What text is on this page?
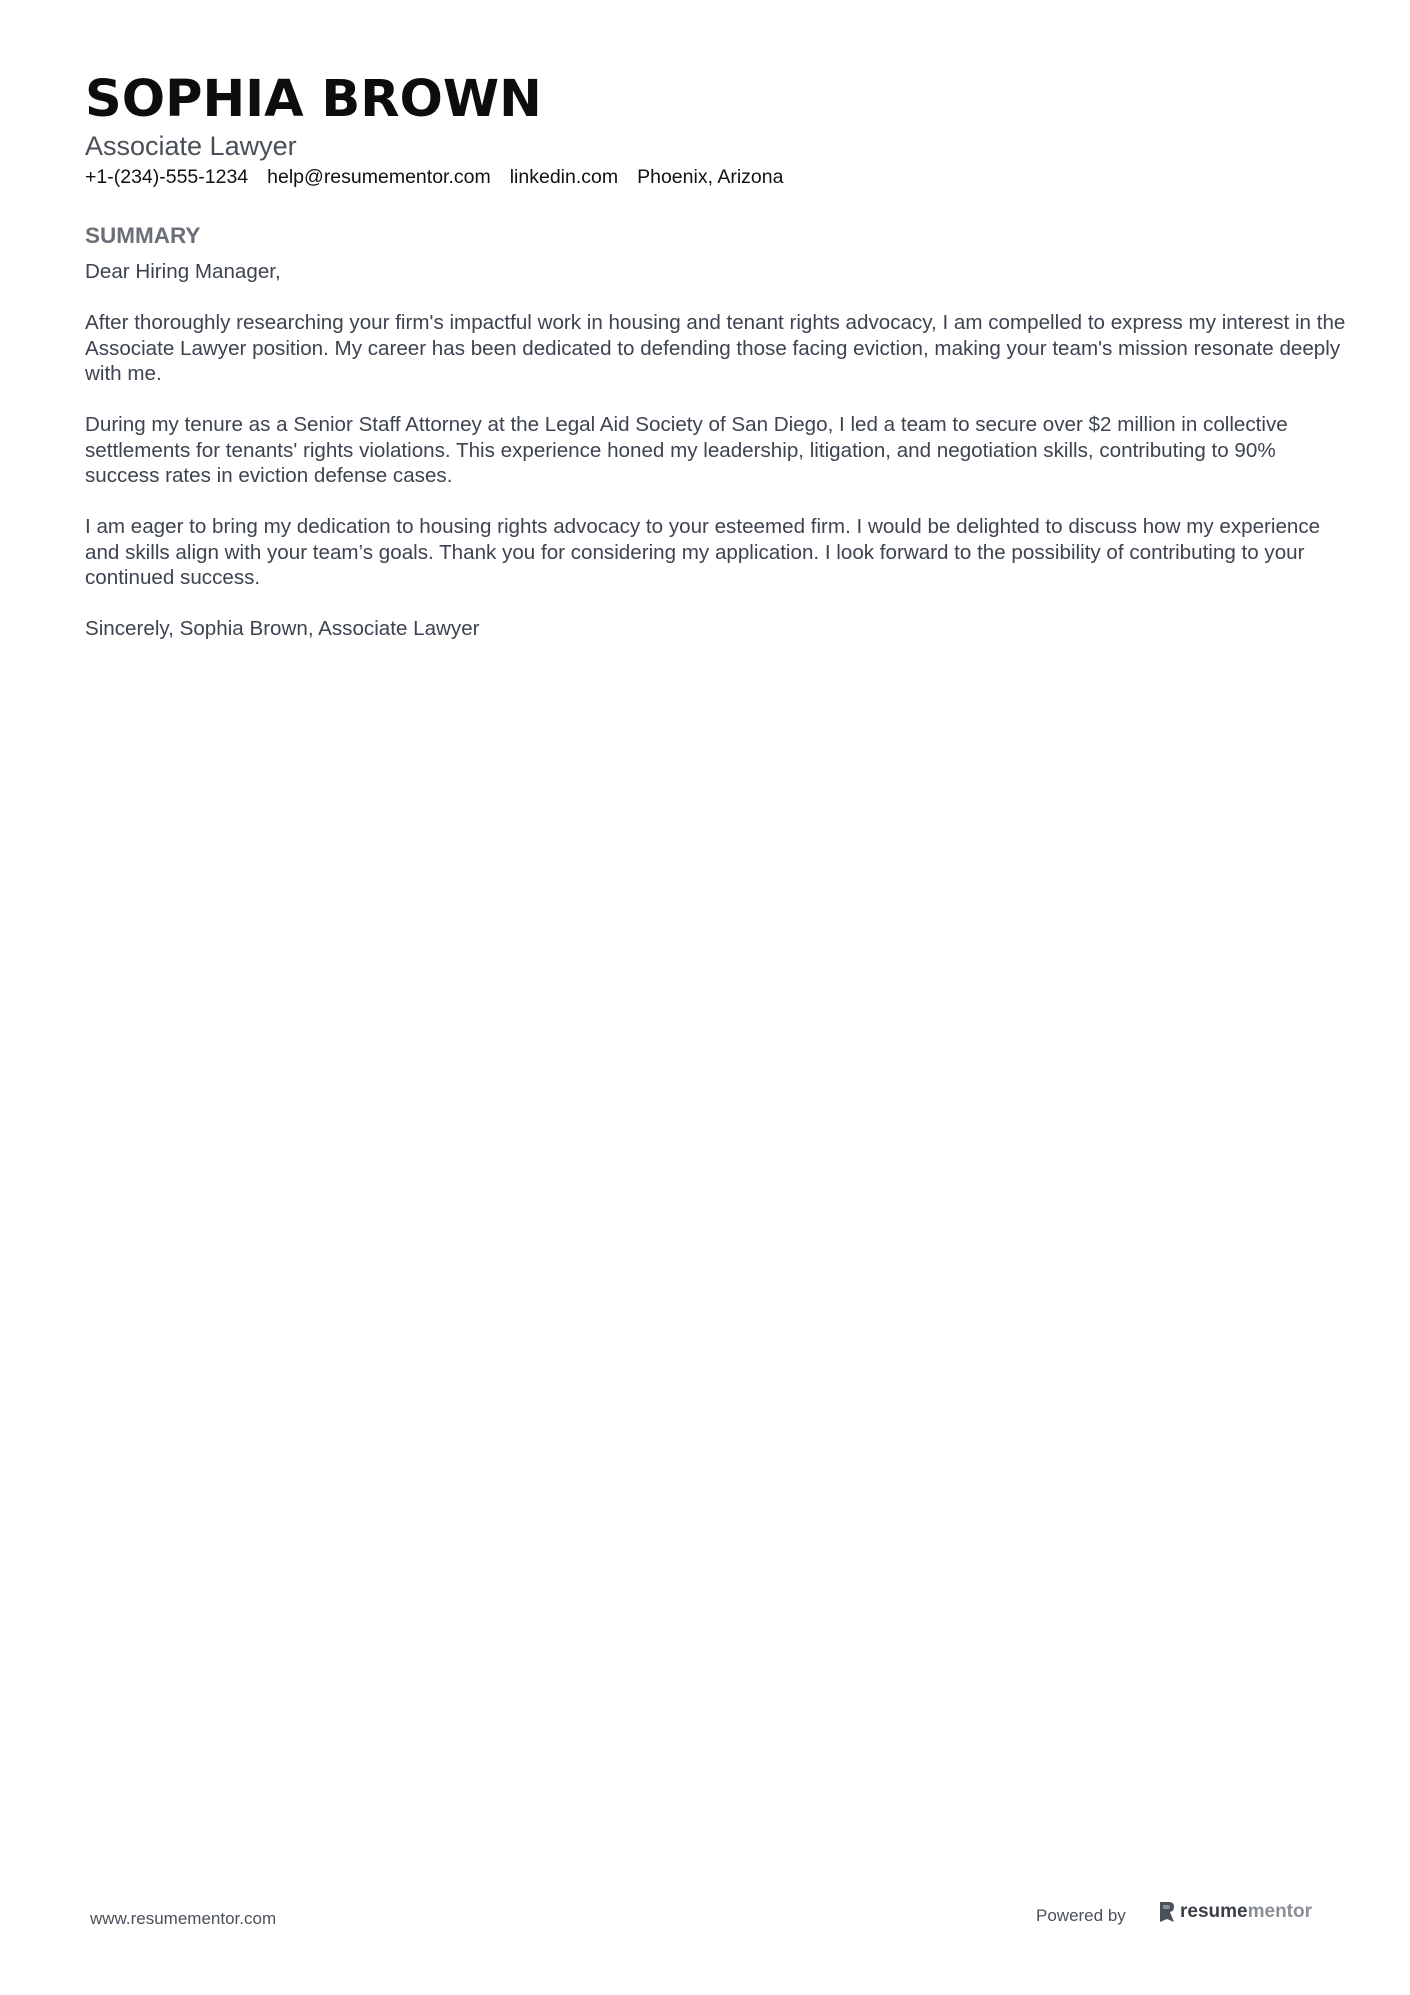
SOPHIA BROWN
Associate Lawyer
+1-(234)-555-1234 help@resumementor.com linkedin.com Phoenix, Arizona
SUMMARY

Dear Hiring Manager,

After thoroughly researching your firm's impactful work in housing and tenant rights advocacy, I am compelled to express my interest in the Associate Lawyer position. My career has been dedicated to defending those facing eviction, making your team's mission resonate deeply with me.

During my tenure as a Senior Staff Attorney at the Legal Aid Society of San Diego, I led a team to secure over $2 million in collective settlements for tenants' rights violations. This experience honed my leadership, litigation, and negotiation skills, contributing to 90% success rates in eviction defense cases.

I am eager to bring my dedication to housing rights advocacy to your esteemed firm. I would be delighted to discuss how my experience and skills align with your team’s goals. Thank you for considering my application. I look forward to the possibility of contributing to your continued success.

Sincerely, Sophia Brown, Associate Lawyer

www.resumementor.com	Powered by	resumementor
